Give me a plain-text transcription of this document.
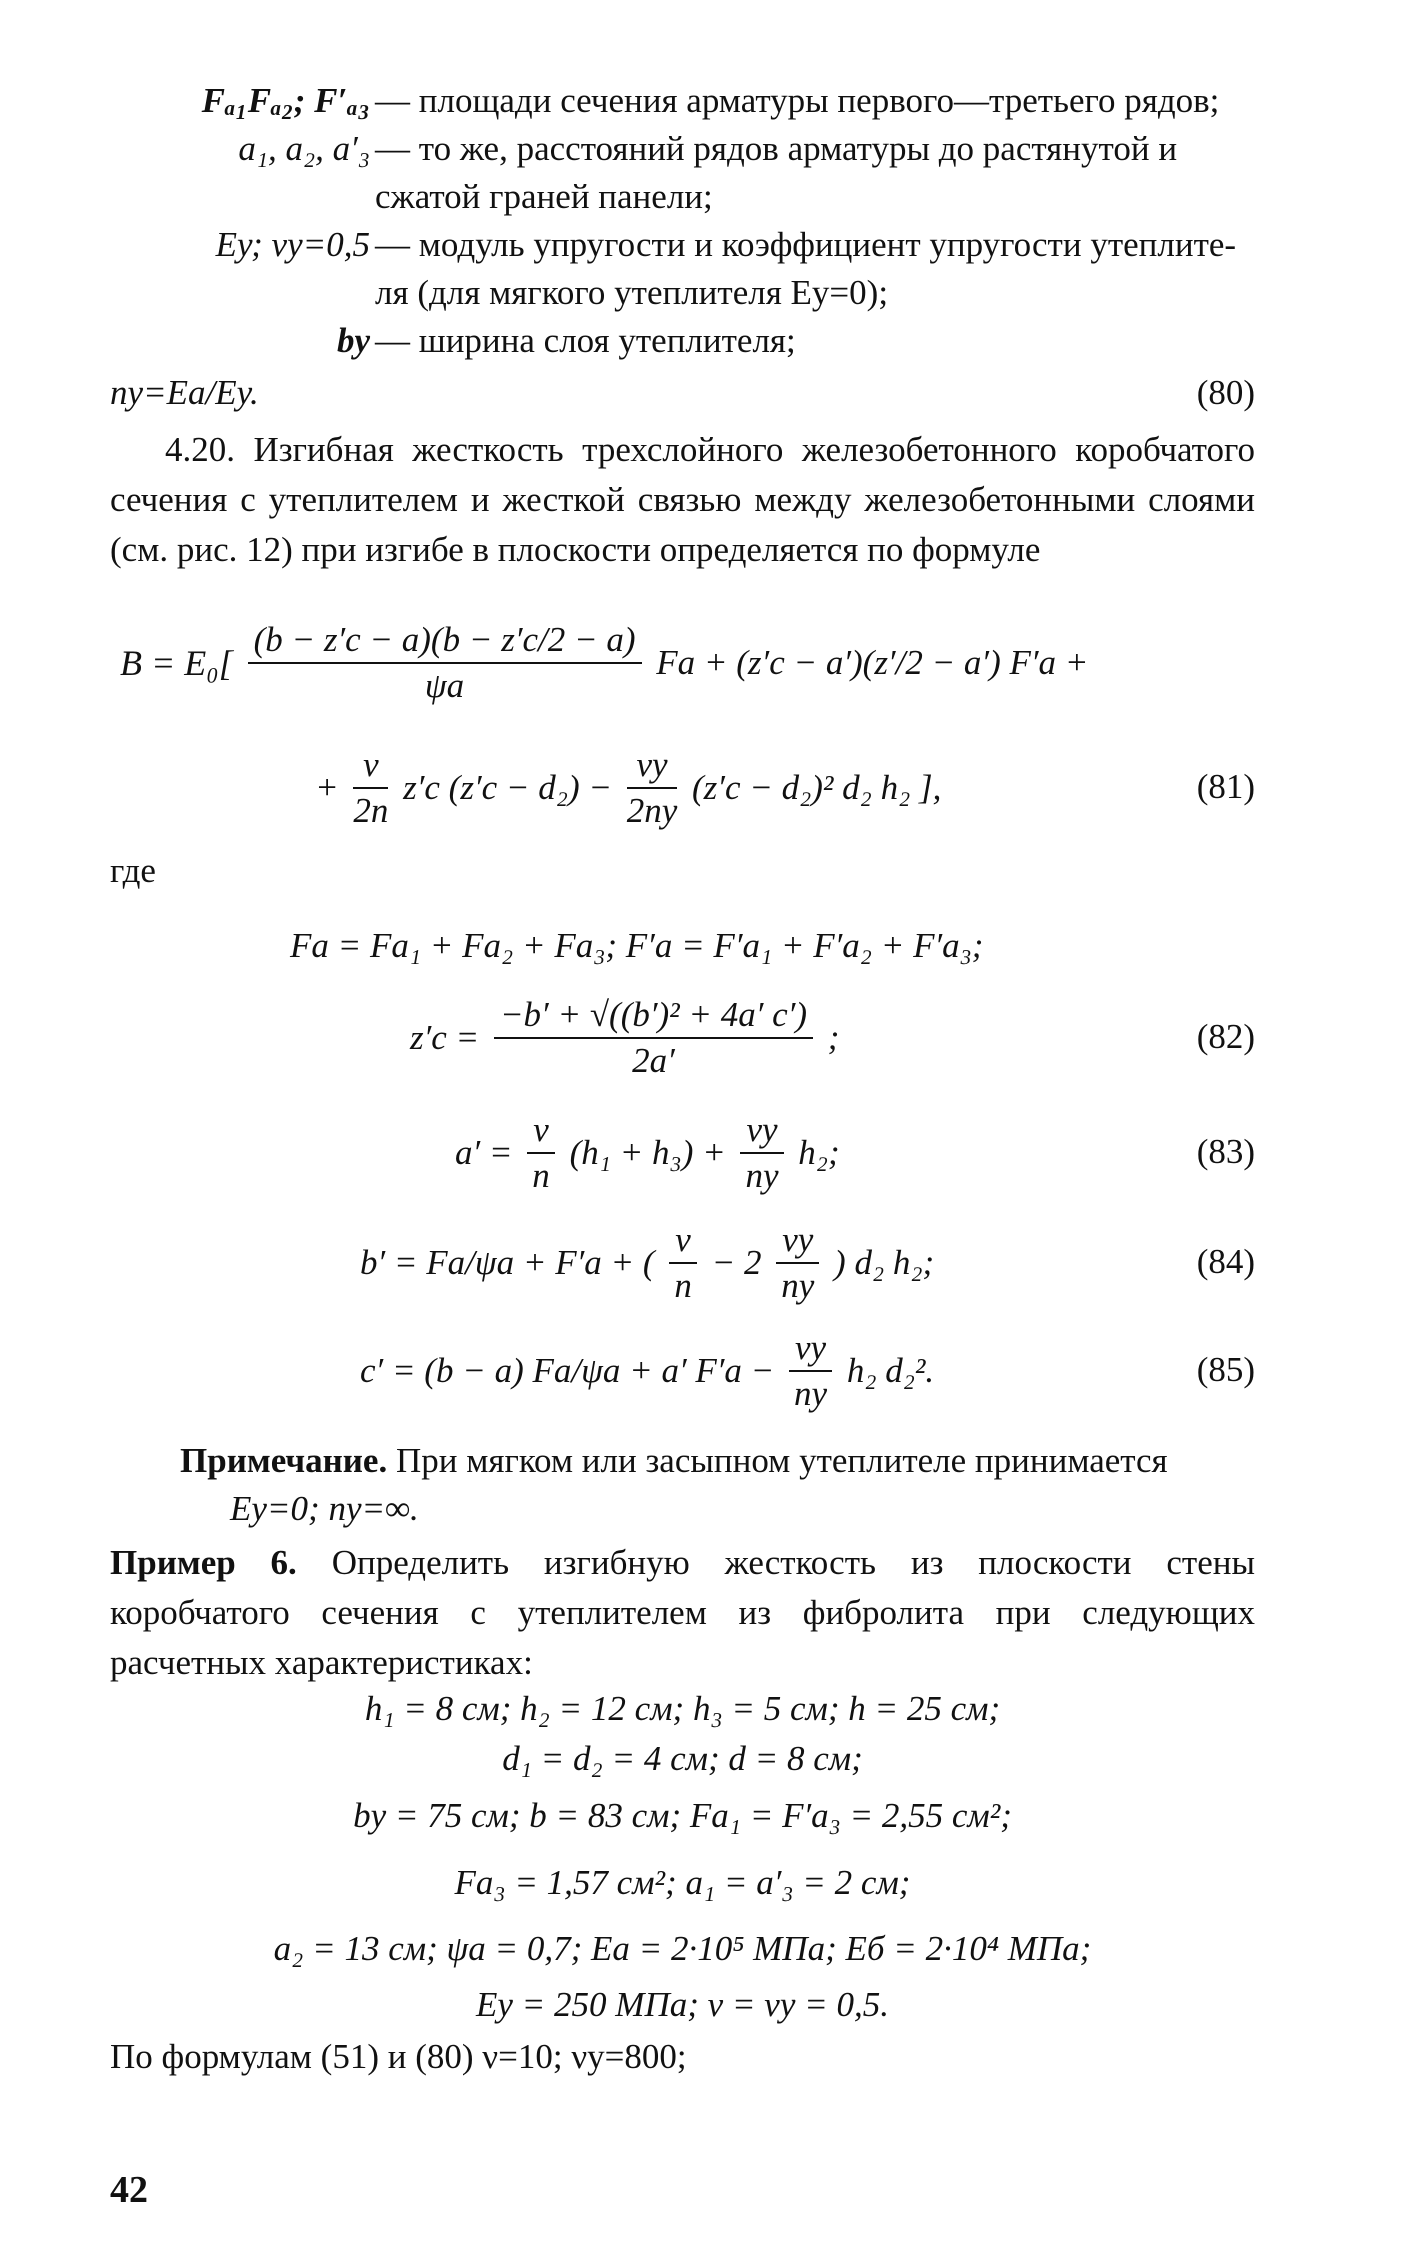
Fₐ₁Fₐ₂; F′ₐ₃ — площади сечения арматуры первого—третьего рядов;
a₁, a₂, a′₃ — то же, расстояний рядов арматуры до растянутой и
сжатой граней панели;
Eу; νу=0,5 — модуль упругости и коэффициент упругости утеплите-
ля (для мягкого утеплителя Eу=0);
bу — ширина слоя утеплителя;
nу=Eа/Eу.	(80)
4.20. Изгибная жесткость трехслойного железобетонного коробчатого сечения с утеплителем и жесткой связью между железобетонными слоями (см. рис. 12) при изгибе в плоскости определяется по формуле
$B = E_0[ \frac{(b - z'c - a)(b - z'c/2 - a)}{\psi а}$ Fа + (z′c − a′)(z′/2 − a′) F′а +
+ $\frac{\nu}{2n} z'c$ $(z'c - d_2) - \frac{\nu у}{2nу} (z'c - d_2)^2$ d₂ h₂ ],	(81)
где
Fа = Fа₁ + Fа₂ + Fа₃; F′а = F′а₁ + F′а₂ + F′а₃;
$z'c = \frac{\text{−b′ + √((b′)² + 4a′ c′)}}{2a'}$ ;	(82)
$a' = \frac{\nu}{n} (h_1 + h_3) + \frac{\nu у}{nу} h_2$;	(83)
b′ = Fа/ψа + F′а + ( $\frac{\nu}{n} - 2 \frac{\nu у}{nу}$ ) d₂ h₂;	(84)
c′ = (b − a) Fа/ψа + a′ $F'а - \frac{\nu у}{nу} h_2$ d₂².	(85)
Примечание. При мягком или засыпном утеплителе принимается
Eу=0; nу=∞.
Пример 6. Определить изгибную жесткость из плоскости стены коробчатого сечения с утеплителем из фибролита при следующих расчетных характеристиках:
h₁ = 8 см; h₂ = 12 см; h₃ = 5 см; h = 25 см;
d₁ = d₂ = 4 см; d = 8 см;
bу = 75 см; b = 83 см; Fа₁ = F′а₃ = 2,55 см²;
Fа₃ = 1,57 см²; a₁ = a′₃ = 2 см;
a₂ = 13 см; ψа = 0,7; Eа = 2·10⁵ МПа; Eб = 2·10⁴ МПа;
Eу = 250 МПа; ν = νу = 0,5.
По формулам (51) и (80) ν=10; νу=800;
42
